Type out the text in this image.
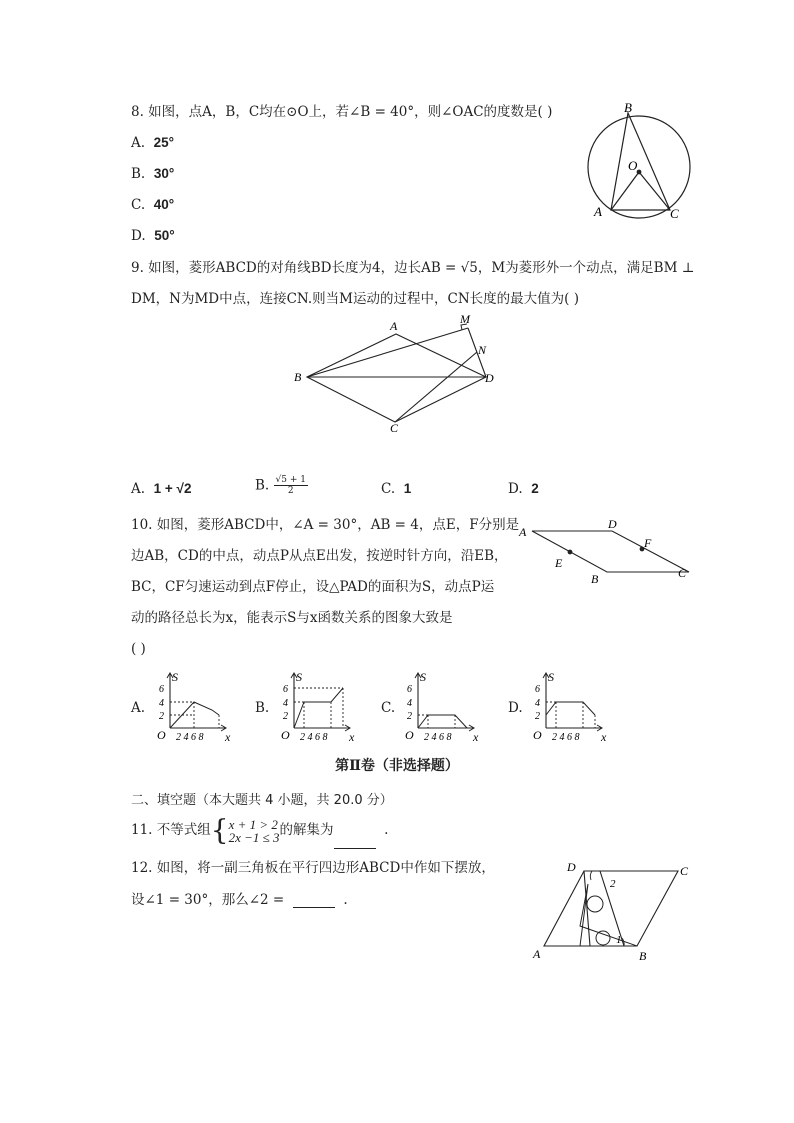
8. 如图，点A，B，C均在⊙O上，若∠B = 40°，则∠OAC的度数是( )
A. 25°
B. 30°
C. 40°
D. 50°
B
O
A	C
9. 如图，菱形ABCD的对角线BD长度为4，边长AB = √5，M为菱形外一个动点，满足BM ⊥
DM，N为MD中点，连接CN.则当M运动的过程中，CN长度的最大值为( )
A	M
N
B	D
C
A. 1 + √2	B. $\frac{√5 + 1}{2}$	C. 1	D. 2
10. 如图，菱形ABCD中，∠A = 30°，AB = 4，点E，F分别是
边AB，CD的中点，动点P从点E出发，按逆时针方向，沿EB，
BC，CF匀速运动到点F停止，设△PAD的面积为S，动点P运
动的路径总长为x，能表示S与x函数关系的图象大致是
( )
A
D
F
E
B	C
A.	B.	C.	D.
S
6
4
2
O 2 4 6 8 x
S
6
4
2
O 2 4 6 8 x
S
6
4
2
O 2 4 6 8 x
S
6
4
2
O 2 4 6 8 x
第Ⅱ卷（非选择题）
二、填空题（本大题共 4 小题，共 20.0 分）
11. 不等式组{ x + 1 > 2
2x −1 ≤ 3 的解集为	.
12. 如图，将一副三角板在平行四边形ABCD中作如下摆放，
设∠1 = 30°，那么∠2 =	.
D	C
A	B
2
1
